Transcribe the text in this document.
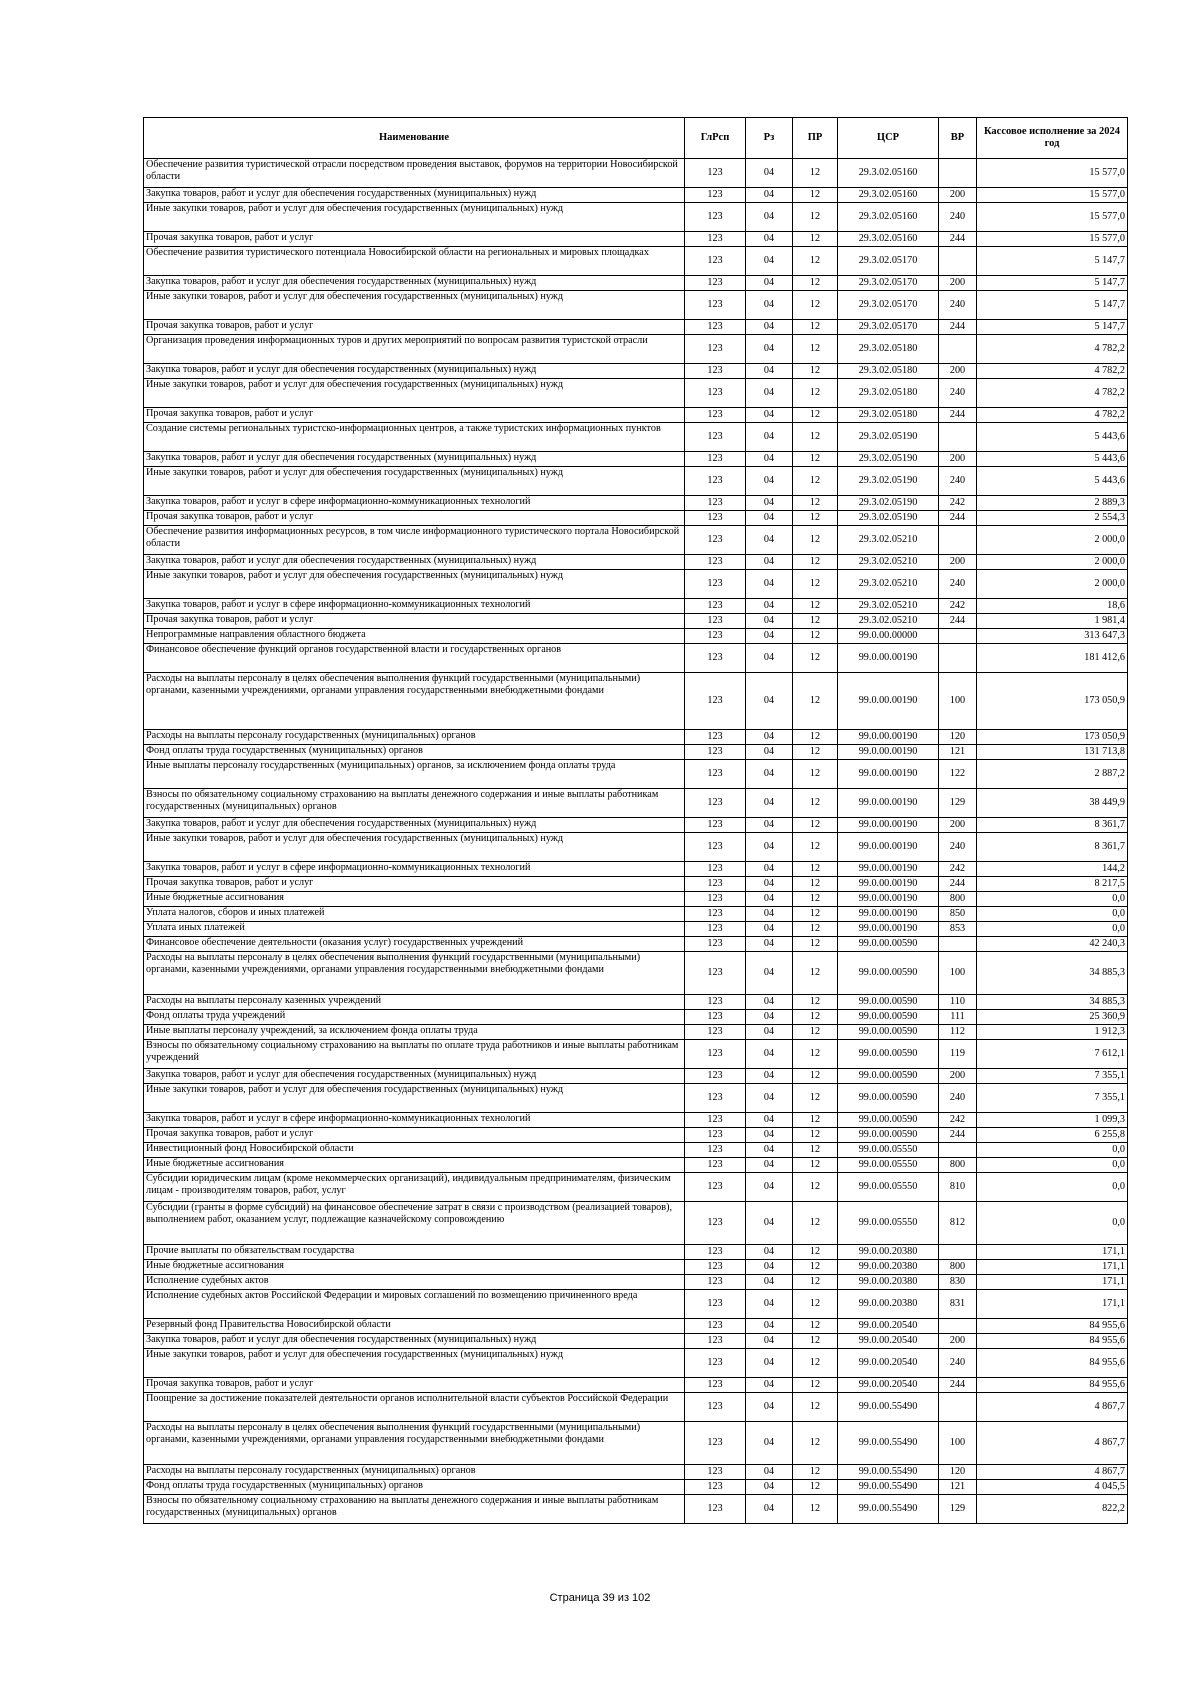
Наименование	ГлРсп	Рз	ПР	ЦСР	ВР	Кассовое исполнение за 2024 год
Обеспечение развития туристической отрасли посредством проведения выставок, форумов на территории Новосибирской области	123	04	12	29.3.02.05160		15 577,0
Закупка товаров, работ и услуг для обеспечения государственных (муниципальных) нужд	123	04	12	29.3.02.05160	200	15 577,0
Иные закупки товаров, работ и услуг для обеспечения государственных (муниципальных) нужд	123	04	12	29.3.02.05160	240	15 577,0
Прочая закупка товаров, работ и услуг	123	04	12	29.3.02.05160	244	15 577,0
Обеспечение развития туристического потенциала Новосибирской области на региональных и мировых площадках	123	04	12	29.3.02.05170		5 147,7
Закупка товаров, работ и услуг для обеспечения государственных (муниципальных) нужд	123	04	12	29.3.02.05170	200	5 147,7
Иные закупки товаров, работ и услуг для обеспечения государственных (муниципальных) нужд	123	04	12	29.3.02.05170	240	5 147,7
Прочая закупка товаров, работ и услуг	123	04	12	29.3.02.05170	244	5 147,7
Организация проведения информационных туров и других мероприятий по вопросам развития туристской отрасли	123	04	12	29.3.02.05180		4 782,2
Закупка товаров, работ и услуг для обеспечения государственных (муниципальных) нужд	123	04	12	29.3.02.05180	200	4 782,2
Иные закупки товаров, работ и услуг для обеспечения государственных (муниципальных) нужд	123	04	12	29.3.02.05180	240	4 782,2
Прочая закупка товаров, работ и услуг	123	04	12	29.3.02.05180	244	4 782,2
Создание системы региональных туристско-информационных центров, а также туристских информационных пунктов	123	04	12	29.3.02.05190		5 443,6
Закупка товаров, работ и услуг для обеспечения государственных (муниципальных) нужд	123	04	12	29.3.02.05190	200	5 443,6
Иные закупки товаров, работ и услуг для обеспечения государственных (муниципальных) нужд	123	04	12	29.3.02.05190	240	5 443,6
Закупка товаров, работ и услуг в сфере информационно-коммуникационных технологий	123	04	12	29.3.02.05190	242	2 889,3
Прочая закупка товаров, работ и услуг	123	04	12	29.3.02.05190	244	2 554,3
Обеспечение развития информационных ресурсов, в том числе информационного туристического портала Новосибирской области	123	04	12	29.3.02.05210		2 000,0
Закупка товаров, работ и услуг для обеспечения государственных (муниципальных) нужд	123	04	12	29.3.02.05210	200	2 000,0
Иные закупки товаров, работ и услуг для обеспечения государственных (муниципальных) нужд	123	04	12	29.3.02.05210	240	2 000,0
Закупка товаров, работ и услуг в сфере информационно-коммуникационных технологий	123	04	12	29.3.02.05210	242	18,6
Прочая закупка товаров, работ и услуг	123	04	12	29.3.02.05210	244	1 981,4
Непрограммные направления областного бюджета	123	04	12	99.0.00.00000		313 647,3
Финансовое обеспечение функций органов государственной власти и государственных органов	123	04	12	99.0.00.00190		181 412,6
Расходы на выплаты персоналу в целях обеспечения выполнения функций государственными (муниципальными) органами, казенными учреждениями, органами управления государственными внебюджетными фондами	123	04	12	99.0.00.00190	100	173 050,9
Расходы на выплаты персоналу государственных (муниципальных) органов	123	04	12	99.0.00.00190	120	173 050,9
Фонд оплаты труда государственных (муниципальных) органов	123	04	12	99.0.00.00190	121	131 713,8
Иные выплаты персоналу государственных (муниципальных) органов, за исключением фонда оплаты труда	123	04	12	99.0.00.00190	122	2 887,2
Взносы по обязательному социальному страхованию на выплаты денежного содержания и иные выплаты работникам государственных (муниципальных) органов	123	04	12	99.0.00.00190	129	38 449,9
Закупка товаров, работ и услуг для обеспечения государственных (муниципальных) нужд	123	04	12	99.0.00.00190	200	8 361,7
Иные закупки товаров, работ и услуг для обеспечения государственных (муниципальных) нужд	123	04	12	99.0.00.00190	240	8 361,7
Закупка товаров, работ и услуг в сфере информационно-коммуникационных технологий	123	04	12	99.0.00.00190	242	144,2
Прочая закупка товаров, работ и услуг	123	04	12	99.0.00.00190	244	8 217,5
Иные бюджетные ассигнования	123	04	12	99.0.00.00190	800	0,0
Уплата налогов, сборов и иных платежей	123	04	12	99.0.00.00190	850	0,0
Уплата иных платежей	123	04	12	99.0.00.00190	853	0,0
Финансовое обеспечение деятельности (оказания услуг) государственных учреждений	123	04	12	99.0.00.00590		42 240,3
Расходы на выплаты персоналу в целях обеспечения выполнения функций государственными (муниципальными) органами, казенными учреждениями, органами управления государственными внебюджетными фондами	123	04	12	99.0.00.00590	100	34 885,3
Расходы на выплаты персоналу казенных учреждений	123	04	12	99.0.00.00590	110	34 885,3
Фонд оплаты труда учреждений	123	04	12	99.0.00.00590	111	25 360,9
Иные выплаты персоналу учреждений, за исключением фонда оплаты труда	123	04	12	99.0.00.00590	112	1 912,3
Взносы по обязательному социальному страхованию на выплаты по оплате труда работников и иные выплаты работникам учреждений	123	04	12	99.0.00.00590	119	7 612,1
Закупка товаров, работ и услуг для обеспечения государственных (муниципальных) нужд	123	04	12	99.0.00.00590	200	7 355,1
Иные закупки товаров, работ и услуг для обеспечения государственных (муниципальных) нужд	123	04	12	99.0.00.00590	240	7 355,1
Закупка товаров, работ и услуг в сфере информационно-коммуникационных технологий	123	04	12	99.0.00.00590	242	1 099,3
Прочая закупка товаров, работ и услуг	123	04	12	99.0.00.00590	244	6 255,8
Инвестиционный фонд Новосибирской области	123	04	12	99.0.00.05550		0,0
Иные бюджетные ассигнования	123	04	12	99.0.00.05550	800	0,0
Субсидии юридическим лицам (кроме некоммерческих организаций), индивидуальным предпринимателям, физическим лицам - производителям товаров, работ, услуг	123	04	12	99.0.00.05550	810	0,0
Субсидии (гранты в форме субсидий) на финансовое обеспечение затрат в связи с производством (реализацией товаров), выполнением работ, оказанием услуг, подлежащие казначейскому сопровождению	123	04	12	99.0.00.05550	812	0,0
Прочие выплаты по обязательствам государства	123	04	12	99.0.00.20380		171,1
Иные бюджетные ассигнования	123	04	12	99.0.00.20380	800	171,1
Исполнение судебных актов	123	04	12	99.0.00.20380	830	171,1
Исполнение судебных актов Российской Федерации и мировых соглашений по возмещению причиненного вреда	123	04	12	99.0.00.20380	831	171,1
Резервный фонд Правительства Новосибирской области	123	04	12	99.0.00.20540		84 955,6
Закупка товаров, работ и услуг для обеспечения государственных (муниципальных) нужд	123	04	12	99.0.00.20540	200	84 955,6
Иные закупки товаров, работ и услуг для обеспечения государственных (муниципальных) нужд	123	04	12	99.0.00.20540	240	84 955,6
Прочая закупка товаров, работ и услуг	123	04	12	99.0.00.20540	244	84 955,6
Поощрение за достижение показателей деятельности органов исполнительной власти субъектов Российской Федерации	123	04	12	99.0.00.55490		4 867,7
Расходы на выплаты персоналу в целях обеспечения выполнения функций государственными (муниципальными) органами, казенными учреждениями, органами управления государственными внебюджетными фондами	123	04	12	99.0.00.55490	100	4 867,7
Расходы на выплаты персоналу государственных (муниципальных) органов	123	04	12	99.0.00.55490	120	4 867,7
Фонд оплаты труда государственных (муниципальных) органов	123	04	12	99.0.00.55490	121	4 045,5
Взносы по обязательному социальному страхованию на выплаты денежного содержания и иные выплаты работникам государственных (муниципальных) органов	123	04	12	99.0.00.55490	129	822,2
Страница 39 из 102
